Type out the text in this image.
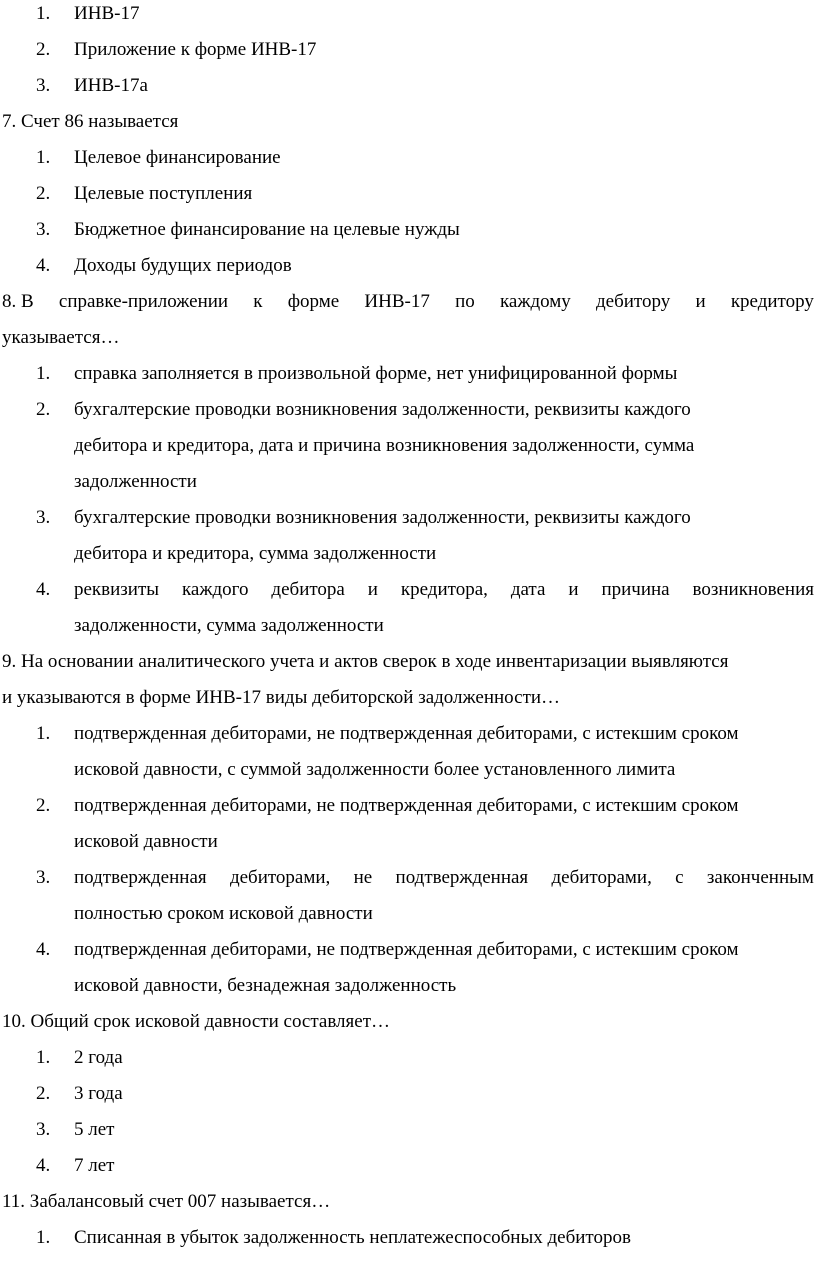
1. ИНВ-17
2. Приложение к форме ИНВ-17
3. ИНВ-17а
7. Счет 86 называется
1. Целевое финансирование
2. Целевые поступления
3. Бюджетное финансирование на целевые нужды
4. Доходы будущих периодов
8. В справке-приложении к форме ИНВ-17 по каждому дебитору и кредитору
указывается…
1. справка заполняется в произвольной форме, нет унифицированной формы
2. бухгалтерские проводки возникновения задолженности, реквизиты каждого
дебитора и кредитора, дата и причина возникновения задолженности, сумма
задолженности
3. бухгалтерские проводки возникновения задолженности, реквизиты каждого
дебитора и кредитора, сумма задолженности
4. реквизиты каждого дебитора и кредитора, дата и причина возникновения
задолженности, сумма задолженности
9. На основании аналитического учета и актов сверок в ходе инвентаризации выявляются
и указываются в форме ИНВ-17 виды дебиторской задолженности…
1. подтвержденная дебиторами, не подтвержденная дебиторами, с истекшим сроком
исковой давности, с суммой задолженности более установленного лимита
2. подтвержденная дебиторами, не подтвержденная дебиторами, с истекшим сроком
исковой давности
3. подтвержденная дебиторами, не подтвержденная дебиторами, с законченным
полностью сроком исковой давности
4. подтвержденная дебиторами, не подтвержденная дебиторами, с истекшим сроком
исковой давности, безнадежная задолженность
10. Общий срок исковой давности составляет…
1. 2 года
2. 3 года
3. 5 лет
4. 7 лет
11. Забалансовый счет 007 называется…
1. Списанная в убыток задолженность неплатежеспособных дебиторов
